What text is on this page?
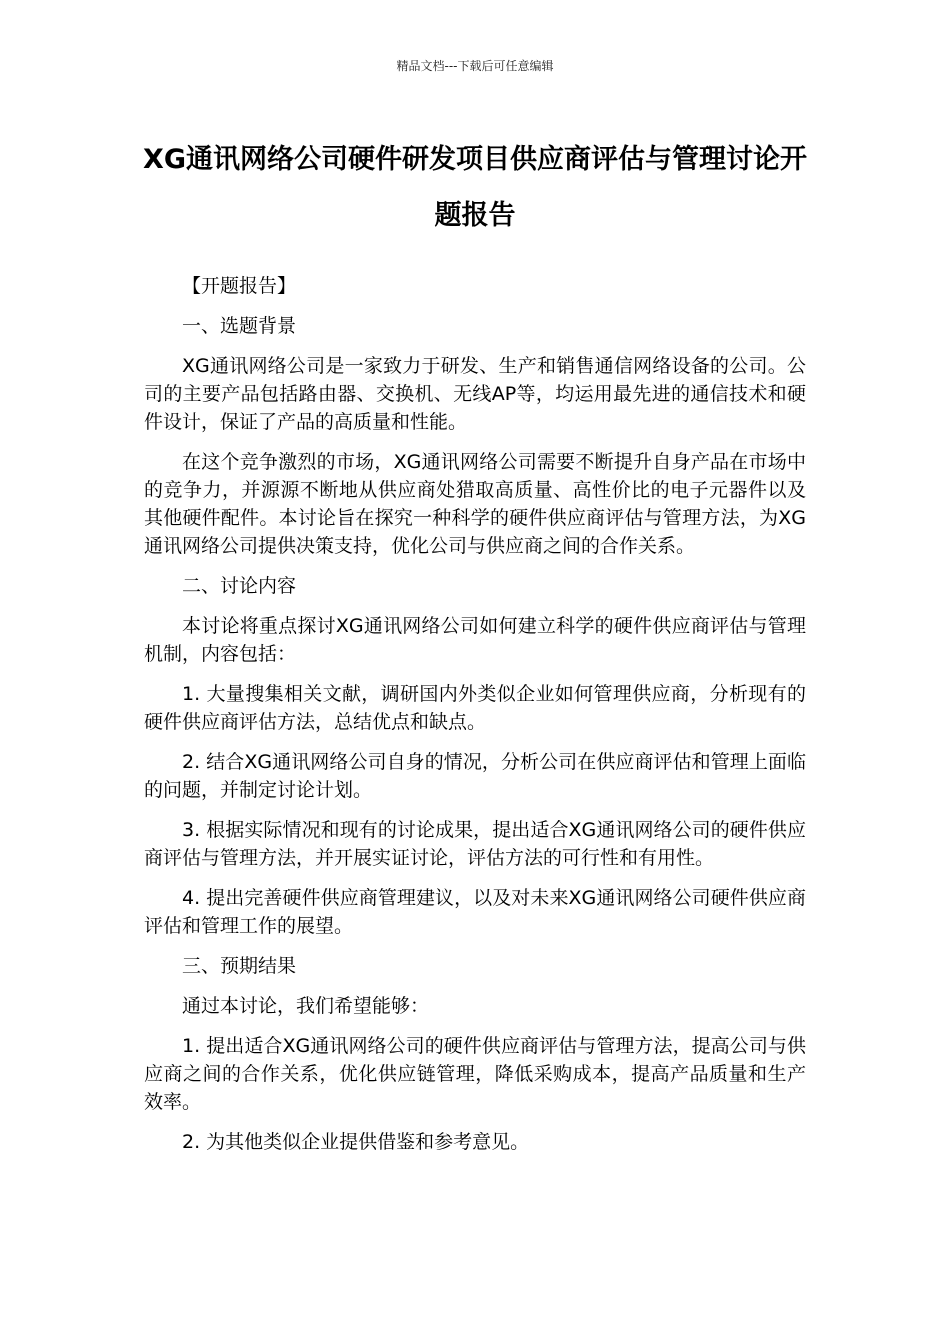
精品文档---下载后可任意编辑
XG通讯网络公司硬件研发项目供应商评估与管理讨论开题报告

【开题报告】

一、选题背景

XG通讯网络公司是一家致力于研发、生产和销售通信网络设备的公司。公司的主要产品包括路由器、交换机、无线AP等，均运用最先进的通信技术和硬件设计，保证了产品的高质量和性能。

在这个竞争激烈的市场，XG通讯网络公司需要不断提升自身产品在市场中的竞争力，并源源不断地从供应商处猎取高质量、高性价比的电子元器件以及其他硬件配件。本讨论旨在探究一种科学的硬件供应商评估与管理方法，为XG通讯网络公司提供决策支持，优化公司与供应商之间的合作关系。

二、讨论内容

本讨论将重点探讨XG通讯网络公司如何建立科学的硬件供应商评估与管理机制，内容包括：

1. 大量搜集相关文献，调研国内外类似企业如何管理供应商，分析现有的硬件供应商评估方法，总结优点和缺点。

2. 结合XG通讯网络公司自身的情况，分析公司在供应商评估和管理上面临的问题，并制定讨论计划。

3. 根据实际情况和现有的讨论成果，提出适合XG通讯网络公司的硬件供应商评估与管理方法，并开展实证讨论，评估方法的可行性和有用性。

4. 提出完善硬件供应商管理建议，以及对未来XG通讯网络公司硬件供应商评估和管理工作的展望。

三、预期结果

通过本讨论，我们希望能够：

1. 提出适合XG通讯网络公司的硬件供应商评估与管理方法，提高公司与供应商之间的合作关系，优化供应链管理，降低采购成本，提高产品质量和生产效率。

2. 为其他类似企业提供借鉴和参考意见。
